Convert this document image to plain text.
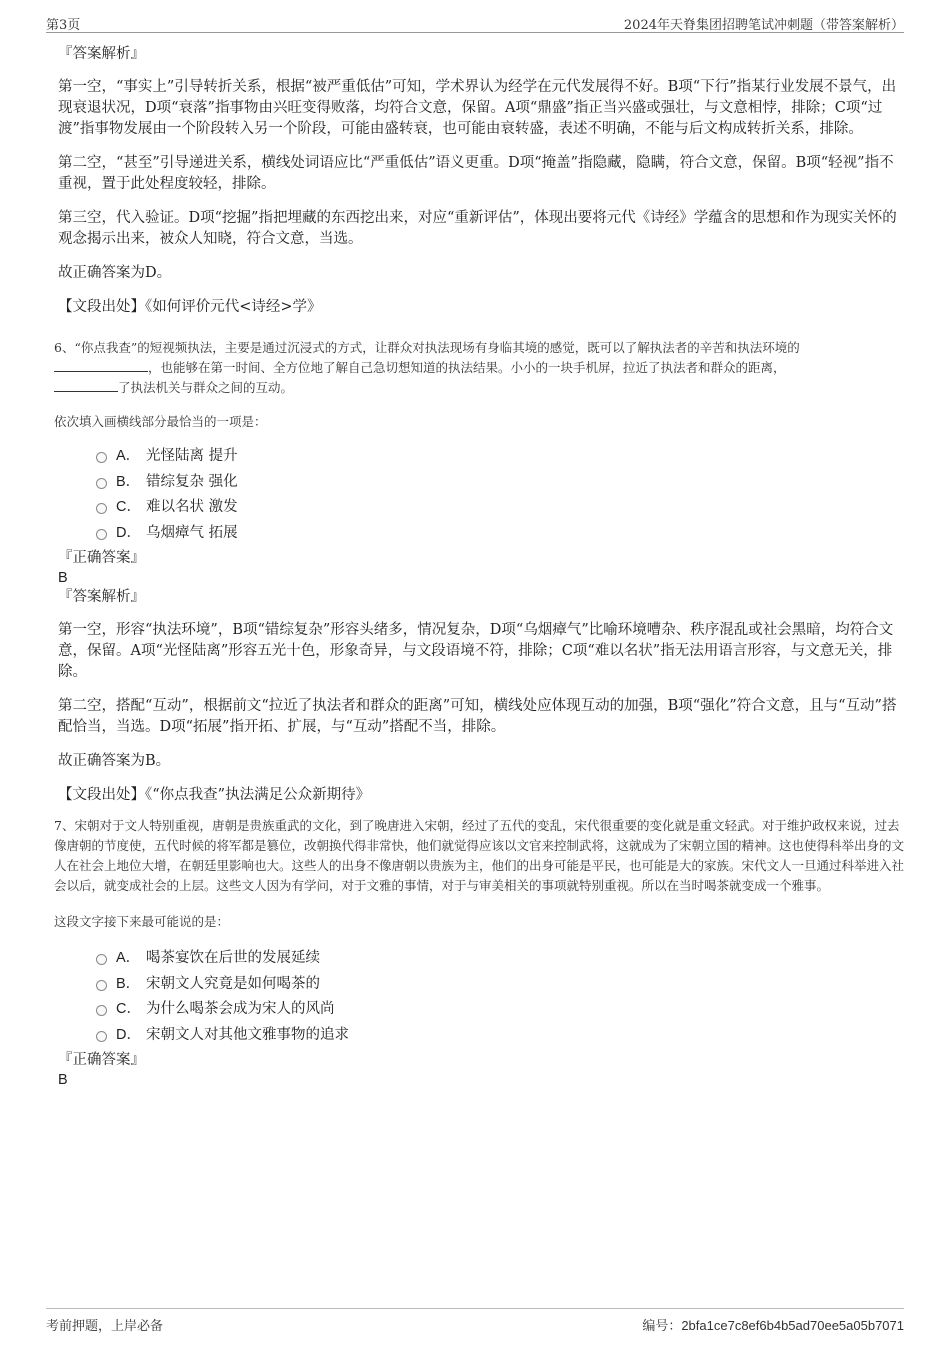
第3页	2024年天脊集团招聘笔试冲刺题（带答案解析）
『答案解析』

第一空，“事实上”引导转折关系，根据“被严重低估”可知，学术界认为经学在元代发展得不好。B项“下行”指某行业发展不景气，出现衰退状况，D项“衰落”指事物由兴旺变得败落，均符合文意，保留。A项“鼎盛”指正当兴盛或强壮，与文意相悖，排除；C项“过渡”指事物发展由一个阶段转入另一个阶段，可能由盛转衰，也可能由衰转盛，表述不明确，不能与后文构成转折关系，排除。

第二空，“甚至”引导递进关系，横线处词语应比“严重低估”语义更重。D项“掩盖”指隐藏，隐瞒，符合文意，保留。B项“轻视”指不重视，置于此处程度较轻，排除。

第三空，代入验证。D项“挖掘”指把埋藏的东西挖出来，对应“重新评估”，体现出要将元代《诗经》学蕴含的思想和作为现实关怀的观念揭示出来，被众人知晓，符合文意，当选。

故正确答案为D。

【文段出处】《如何评价元代<诗经>学》

6、“你点我查”的短视频执法，主要是通过沉浸式的方式，让群众对执法现场有身临其境的感觉，既可以了解执法者的辛苦和执法环境的
，也能够在第一时间、全方位地了解自己急切想知道的执法结果。小小的一块手机屏，拉近了执法者和群众的距离，
了执法机关与群众之间的互动。

依次填入画横线部分最恰当的一项是：

A． 光怪陆离 提升
B． 错综复杂 强化
C． 难以名状 激发
D． 乌烟瘴气 拓展
『正确答案』
B
『答案解析』

第一空，形容“执法环境”，B项“错综复杂”形容头绪多，情况复杂，D项“乌烟瘴气”比喻环境嘈杂、秩序混乱或社会黑暗，均符合文意，保留。A项“光怪陆离”形容五光十色，形象奇异，与文段语境不符，排除；C项“难以名状”指无法用语言形容，与文意无关，排除。

第二空，搭配“互动”，根据前文“拉近了执法者和群众的距离”可知，横线处应体现互动的加强，B项“强化”符合文意，且与“互动”搭配恰当，当选。D项“拓展”指开拓、扩展，与“互动”搭配不当，排除。

故正确答案为B。

【文段出处】《“你点我查”执法满足公众新期待》

7、宋朝对于文人特别重视，唐朝是贵族重武的文化，到了晚唐进入宋朝，经过了五代的变乱，宋代很重要的变化就是重文轻武。对于维护政权来说，过去像唐朝的节度使，五代时候的将军都是篡位，改朝换代得非常快，他们就觉得应该以文官来控制武将，这就成为了宋朝立国的精神。这也使得科举出身的文人在社会上地位大增，在朝廷里影响也大。这些人的出身不像唐朝以贵族为主，他们的出身可能是平民，也可能是大的家族。宋代文人一旦通过科举进入社会以后，就变成社会的上层。这些文人因为有学问，对于文雅的事情，对于与审美相关的事项就特别重视。所以在当时喝茶就变成一个雅事。

这段文字接下来最可能说的是：

A． 喝茶宴饮在后世的发展延续
B． 宋朝文人究竟是如何喝茶的
C． 为什么喝茶会成为宋人的风尚
D． 宋朝文人对其他文雅事物的追求
『正确答案』
B
考前押题，上岸必备	编号：2bfa1ce7c8ef6b4b5ad70ee5a05b7071
